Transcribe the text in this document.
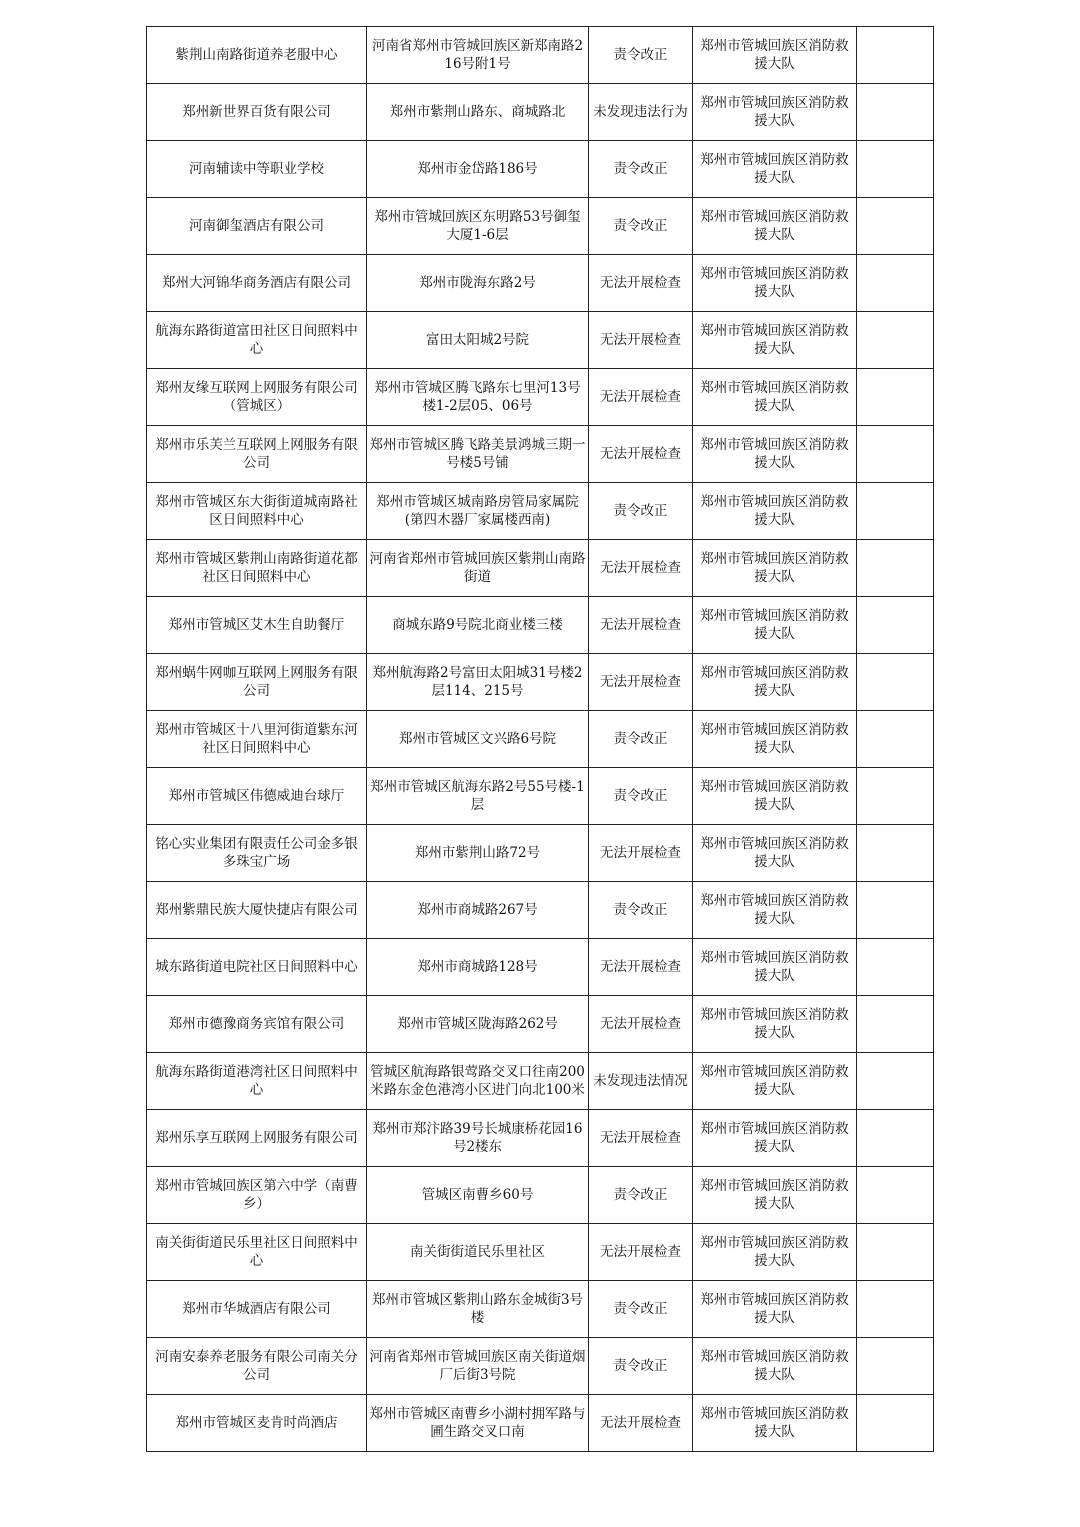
紫荆山南路街道养老服中心	河南省郑州市管城回族区新郑南路216号附1号	责令改正	郑州市管城回族区消防救援大队	
郑州新世界百货有限公司	郑州市紫荆山路东、商城路北	未发现违法行为	郑州市管城回族区消防救援大队	
河南辅读中等职业学校	郑州市金岱路186号	责令改正	郑州市管城回族区消防救援大队	
河南御玺酒店有限公司	郑州市管城回族区东明路53号御玺大厦1-6层	责令改正	郑州市管城回族区消防救援大队	
郑州大河锦华商务酒店有限公司	郑州市陇海东路2号	无法开展检查	郑州市管城回族区消防救援大队	
航海东路街道富田社区日间照料中心	富田太阳城2号院	无法开展检查	郑州市管城回族区消防救援大队	
郑州友缘互联网上网服务有限公司（管城区）	郑州市管城区腾飞路东七里河13号楼1-2层05、06号	无法开展检查	郑州市管城回族区消防救援大队	
郑州市乐芙兰互联网上网服务有限公司	郑州市管城区腾飞路美景鸿城三期一号楼5号铺	无法开展检查	郑州市管城回族区消防救援大队	
郑州市管城区东大街街道城南路社区日间照料中心	郑州市管城区城南路房管局家属院(第四木器厂家属楼西南)	责令改正	郑州市管城回族区消防救援大队	
郑州市管城区紫荆山南路街道花都社区日间照料中心	河南省郑州市管城回族区紫荆山南路街道	无法开展检查	郑州市管城回族区消防救援大队	
郑州市管城区艾木生自助餐厅	商城东路9号院北商业楼三楼	无法开展检查	郑州市管城回族区消防救援大队	
郑州蜗牛网咖互联网上网服务有限公司	郑州航海路2号富田太阳城31号楼2层114、215号	无法开展检查	郑州市管城回族区消防救援大队	
郑州市管城区十八里河街道紫东河社区日间照料中心	郑州市管城区文兴路6号院	责令改正	郑州市管城回族区消防救援大队	
郑州市管城区伟德威迪台球厅	郑州市管城区航海东路2号55号楼-1层	责令改正	郑州市管城回族区消防救援大队	
铭心实业集团有限责任公司金多银多珠宝广场	郑州市紫荆山路72号	无法开展检查	郑州市管城回族区消防救援大队	
郑州紫鼎民族大厦快捷店有限公司	郑州市商城路267号	责令改正	郑州市管城回族区消防救援大队	
城东路街道电院社区日间照料中心	郑州市商城路128号	无法开展检查	郑州市管城回族区消防救援大队	
郑州市德豫商务宾馆有限公司	郑州市管城区陇海路262号	无法开展检查	郑州市管城回族区消防救援大队	
航海东路街道港湾社区日间照料中心	管城区航海路银莺路交叉口往南200米路东金色港湾小区进门向北100米	未发现违法情况	郑州市管城回族区消防救援大队	
郑州乐享互联网上网服务有限公司	郑州市郑汴路39号长城康桥花园16号2楼东	无法开展检查	郑州市管城回族区消防救援大队	
郑州市管城回族区第六中学（南曹乡）	管城区南曹乡60号	责令改正	郑州市管城回族区消防救援大队	
南关街街道民乐里社区日间照料中心	南关街街道民乐里社区	无法开展检查	郑州市管城回族区消防救援大队	
郑州市华城酒店有限公司	郑州市管城区紫荆山路东金城街3号楼	责令改正	郑州市管城回族区消防救援大队	
河南安泰养老服务有限公司南关分公司	河南省郑州市管城回族区南关街道烟厂后街3号院	责令改正	郑州市管城回族区消防救援大队	
郑州市管城区麦肯时尚酒店	郑州市管城区南曹乡小湖村拥军路与圃生路交叉口南	无法开展检查	郑州市管城回族区消防救援大队	
